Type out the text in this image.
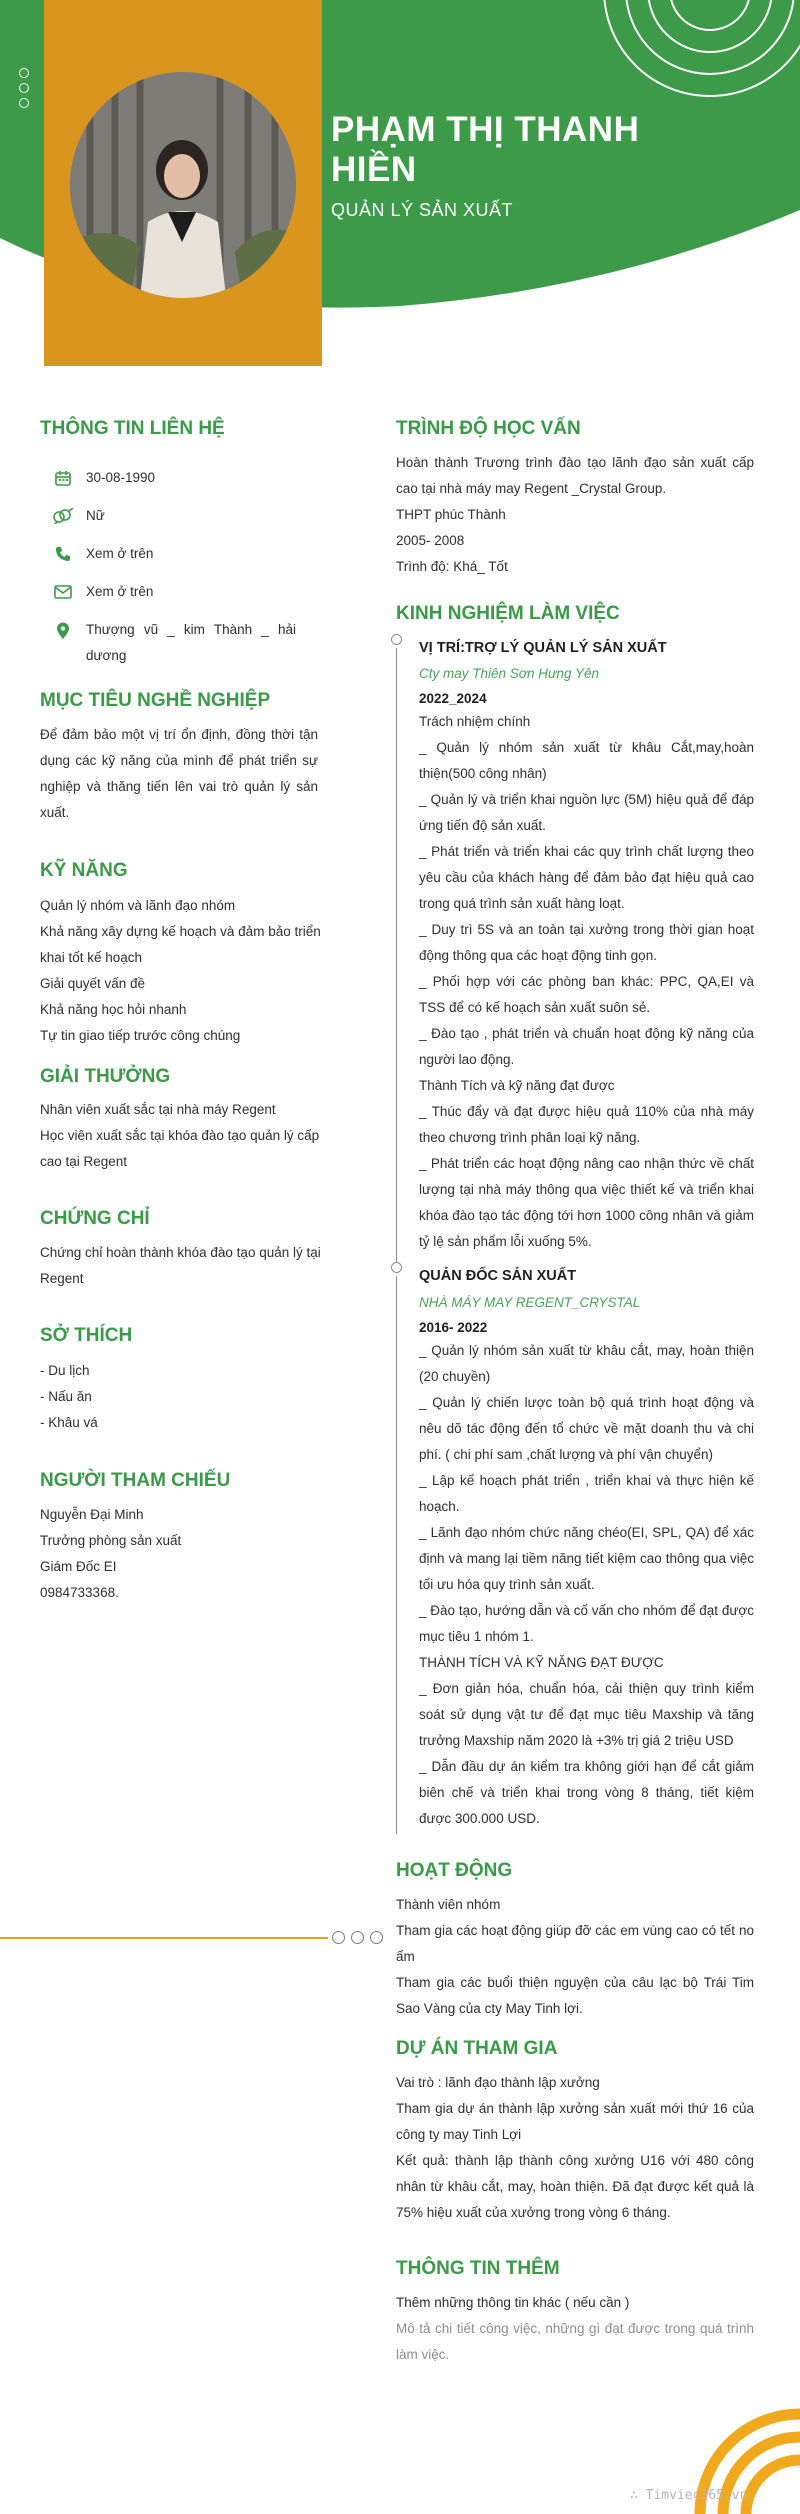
PHẠM THỊ THANH HIỀN
QUẢN LÝ SẢN XUẤT
THÔNG TIN LIÊN HỆ
30-08-1990
Nữ
Xem ở trên
Xem ở trên
Thượng vũ _ kim Thành _ hải dương
MỤC TIÊU NGHỀ NGHIỆP
Để đảm bảo một vị trí ổn định, đồng thời tận dụng các kỹ năng của mình để phát triển sự nghiệp và thăng tiến lên vai trò quản lý sản xuất.
KỸ NĂNG
Quản lý nhóm và lãnh đạo nhóm
Khả năng xây dựng kế hoạch và đảm bảo triển khai tốt kế hoạch
Giải quyết vấn đề
Khả năng học hỏi nhanh
Tự tin giao tiếp trước công chúng
GIẢI THƯỞNG
Nhân viên xuất sắc tại nhà máy Regent
Học viên xuất sắc tại khóa đào tạo quản lý cấp cao tại Regent
CHỨNG CHỈ
Chứng chỉ hoàn thành khóa đào tạo quản lý tại Regent
SỞ THÍCH
- Du lịch
- Nấu ăn
- Khâu vá
NGƯỜI THAM CHIẾU
Nguyễn Đại Minh
Trưởng phòng sản xuất
Giám Đốc EI
0984733368.
TRÌNH ĐỘ HỌC VẤN
Hoàn thành Trương trình đào tạo lãnh đạo sản xuất cấp cao tại nhà máy may Regent _Crystal Group.
THPT phúc Thành
2005- 2008
Trình độ: Khá_ Tốt
KINH NGHIỆM LÀM VIỆC
VỊ TRÍ:TRỢ LÝ QUẢN LÝ SẢN XUẤT
Cty may Thiên Sơn Hưng Yên
2022_2024
Trách nhiệm chính
_ Quản lý nhóm sản xuất từ khâu Cắt,may,hoàn thiện(500 công nhân)
_ Quản lý và triển khai nguồn lực (5M) hiệu quả để đáp ứng tiến độ sản xuất.
_ Phát triển và triển khai các quy trình chất lượng theo yêu cầu của khách hàng để đảm bảo đạt hiệu quả cao trong quá trình sản xuất hàng loạt.
_ Duy trì 5S và an toàn tại xưởng trong thời gian hoạt động thông qua các hoạt động tinh gọn.
_ Phối hợp với các phòng ban khác: PPC, QA,EI và TSS để có kế hoạch sản xuất suôn sẻ.
_ Đào tạo , phát triển và chuẩn hoạt động kỹ năng của người lao động.
Thành Tích và kỹ năng đạt được
_ Thúc đẩy và đạt được hiệu quả 110% của nhà máy theo chương trình phân loại kỹ năng.
_ Phát triển các hoạt động nâng cao nhận thức về chất lượng tại nhà máy thông qua việc thiết kế và triển khai khóa đào tạo tác động tới hơn 1000 công nhân và giảm tỷ lệ sản phẩm lỗi xuống 5%.
QUẢN ĐỐC SẢN XUẤT
NHÀ MÁY MAY REGENT_CRYSTAL
2016- 2022
_ Quản lý nhóm sản xuất từ khâu cắt, may, hoàn thiện (20 chuyền)
_ Quản lý chiến lược toàn bộ quá trình hoạt động và nêu dõ tác động đến tổ chức về mặt doanh thu và chi phí. ( chi phí sam ,chất lượng và phí vận chuyển)
_ Lập kế hoạch phát triển , triển khai và thực hiện kế hoạch.
_ Lãnh đạo nhóm chức năng chéo(EI, SPL, QA) để xác định và mang lại tiềm năng tiết kiệm cao thông qua việc tối ưu hóa quy trình sản xuất.
_ Đào tạo, hướng dẫn và cố vấn cho nhóm để đạt được mục tiêu 1 nhóm 1.
THÀNH TÍCH VÀ KỸ NĂNG ĐẠT ĐƯỢC
_ Đơn giản hóa, chuẩn hóa, cải thiện quy trình kiểm soát sử dụng vật tư để đạt mục tiêu Maxship và tăng trưởng Maxship năm 2020 là +3% trị giá 2 triệu USD
_ Dẫn đầu dự án kiểm tra không giới hạn để cắt giảm biên chế và triển khai trong vòng 8 tháng, tiết kiệm được 300.000 USD.
HOẠT ĐỘNG
Thành viên nhóm
Tham gia các hoạt động giúp đỡ các em vùng cao có tết no ấm
Tham gia các buổi thiện nguyện của câu lạc bộ Trái Tim Sao Vàng của cty May Tinh lợi.
DỰ ÁN THAM GIA
Vai trò : lãnh đạo thành lập xưởng
Tham gia dự án thành lập xưởng sản xuất mới thứ 16 của công ty may Tinh Lợi
Kết quả: thành lập thành công xưởng U16 với 480 công nhân từ khâu cắt, may, hoàn thiện. Đã đạt được kết quả là 75% hiệu xuất của xưởng trong vòng 6 tháng.
THÔNG TIN THÊM
Thêm những thông tin khác ( nếu cần )
Mô tả chi tiết công việc, những gì đạt được trong quá trình làm việc.
∴ Timviec365.vn
